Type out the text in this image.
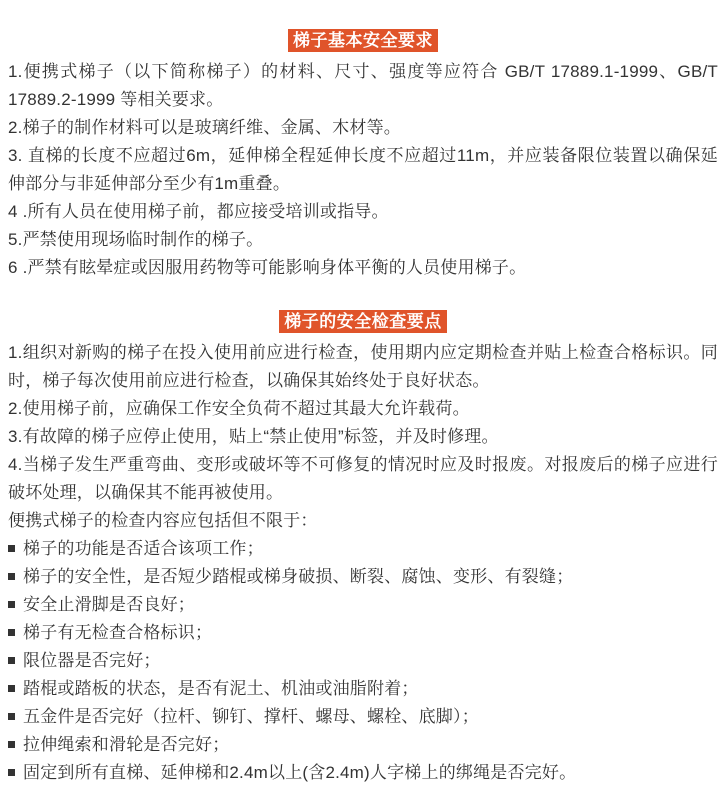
梯子基本安全要求

1.便携式梯子（以下简称梯子）的材料、尺寸、强度等应符合 GB/T 17889.1-1999、GB/T 17889.2-1999 等相关要求。

2.梯子的制作材料可以是玻璃纤维、金属、木材等。

3. 直梯的长度不应超过6m，延伸梯全程延伸长度不应超过11m，并应装备限位装置以确保延伸部分与非延伸部分至少有1m重叠。

4 .所有人员在使用梯子前，都应接受培训或指导。

5.严禁使用现场临时制作的梯子。

6 .严禁有眩晕症或因服用药物等可能影响身体平衡的人员使用梯子。

梯子的安全检查要点

1.组织对新购的梯子在投入使用前应进行检查，使用期内应定期检查并贴上检查合格标识。同时，梯子每次使用前应进行检查，以确保其始终处于良好状态。

2.使用梯子前，应确保工作安全负荷不超过其最大允许载荷。

3.有故障的梯子应停止使用，贴上“禁止使用”标签，并及时修理。

4.当梯子发生严重弯曲、变形或破坏等不可修复的情况时应及时报废。对报废后的梯子应进行破坏处理，以确保其不能再被使用。

便携式梯子的检查内容应包括但不限于：

梯子的功能是否适合该项工作；
梯子的安全性，是否短少踏棍或梯身破损、断裂、腐蚀、变形、有裂缝；
安全止滑脚是否良好；
梯子有无检查合格标识；
限位器是否完好；
踏棍或踏板的状态，是否有泥土、机油或油脂附着；
五金件是否完好（拉杆、铆钉、撑杆、螺母、螺栓、底脚）；
拉伸绳索和滑轮是否完好；
固定到所有直梯、延伸梯和2.4m以上(含2.4m)人字梯上的绑绳是否完好。
